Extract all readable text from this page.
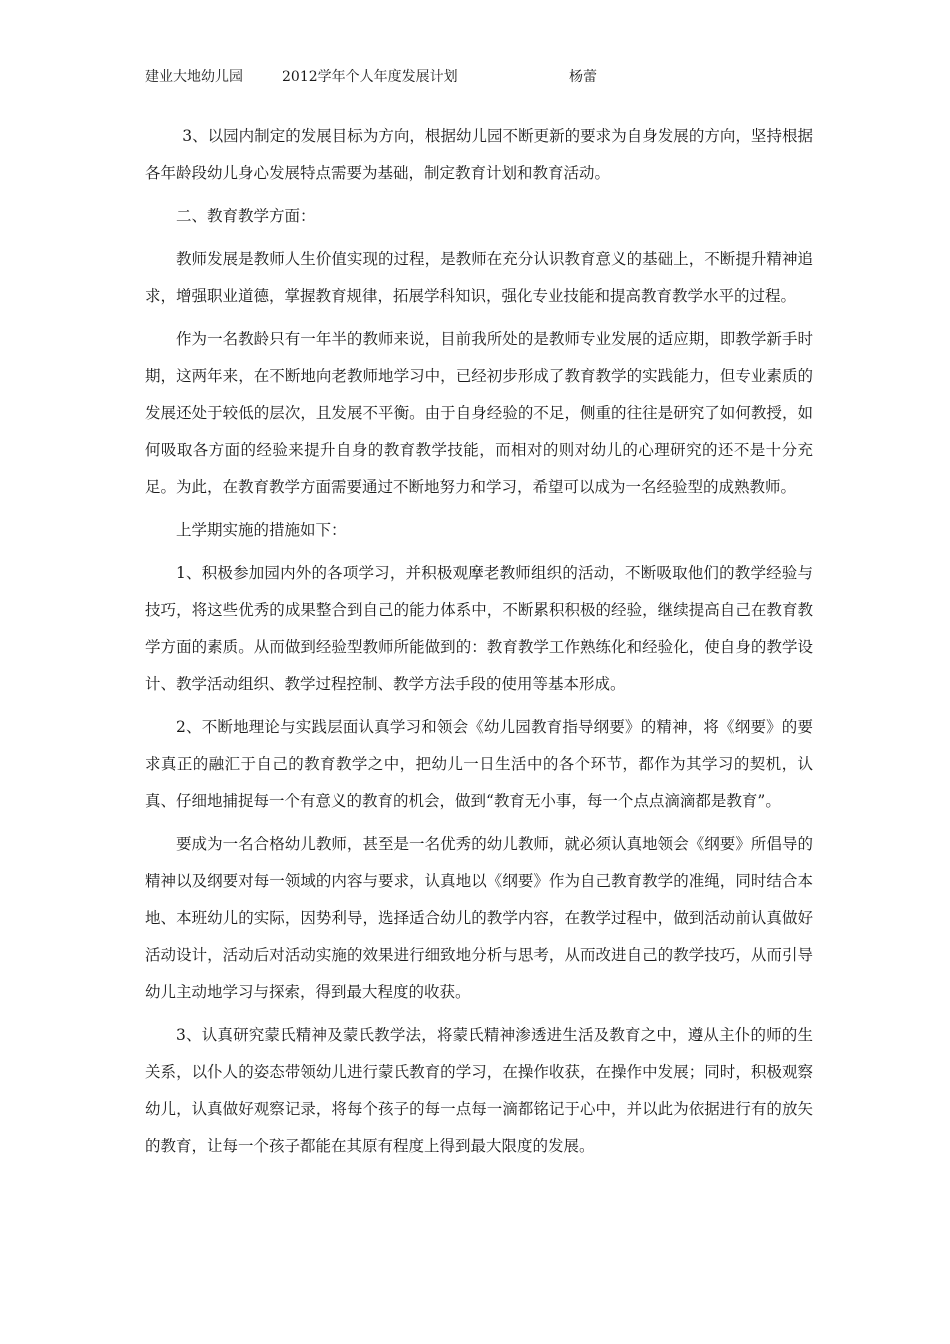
建业大地幼儿园	2012学年个人年度发展计划	杨蕾

3、以园内制定的发展目标为方向，根据幼儿园不断更新的要求为自身发展的方向，坚持根据各年龄段幼儿身心发展特点需要为基础，制定教育计划和教育活动。

二、教育教学方面：

教师发展是教师人生价值实现的过程，是教师在充分认识教育意义的基础上，不断提升精神追求，增强职业道德，掌握教育规律，拓展学科知识，强化专业技能和提高教育教学水平的过程。

作为一名教龄只有一年半的教师来说，目前我所处的是教师专业发展的适应期，即教学新手时期，这两年来，在不断地向老教师地学习中，已经初步形成了教育教学的实践能力，但专业素质的发展还处于较低的层次，且发展不平衡。由于自身经验的不足，侧重的往往是研究了如何教授，如何吸取各方面的经验来提升自身的教育教学技能，而相对的则对幼儿的心理研究的还不是十分充足。为此，在教育教学方面需要通过不断地努力和学习，希望可以成为一名经验型的成熟教师。

上学期实施的措施如下：

1、积极参加园内外的各项学习，并积极观摩老教师组织的活动，不断吸取他们的教学经验与技巧，将这些优秀的成果整合到自己的能力体系中，不断累积积极的经验，继续提高自己在教育教学方面的素质。从而做到经验型教师所能做到的：教育教学工作熟练化和经验化，使自身的教学设计、教学活动组织、教学过程控制、教学方法手段的使用等基本形成。

2、不断地理论与实践层面认真学习和领会《幼儿园教育指导纲要》的精神，将《纲要》的要求真正的融汇于自己的教育教学之中，把幼儿一日生活中的各个环节，都作为其学习的契机，认真、仔细地捕捉每一个有意义的教育的机会，做到“教育无小事，每一个点点滴滴都是教育”。

要成为一名合格幼儿教师，甚至是一名优秀的幼儿教师，就必须认真地领会《纲要》所倡导的精神以及纲要对每一领域的内容与要求，认真地以《纲要》作为自己教育教学的准绳，同时结合本地、本班幼儿的实际，因势利导，选择适合幼儿的教学内容，在教学过程中，做到活动前认真做好活动设计，活动后对活动实施的效果进行细致地分析与思考，从而改进自己的教学技巧，从而引导幼儿主动地学习与探索，得到最大程度的收获。

3、认真研究蒙氏精神及蒙氏教学法，将蒙氏精神渗透进生活及教育之中，遵从主仆的师的生关系，以仆人的姿态带领幼儿进行蒙氏教育的学习，在操作收获，在操作中发展；同时，积极观察幼儿，认真做好观察记录，将每个孩子的每一点每一滴都铭记于心中，并以此为依据进行有的放矢的教育，让每一个孩子都能在其原有程度上得到最大限度的发展。
